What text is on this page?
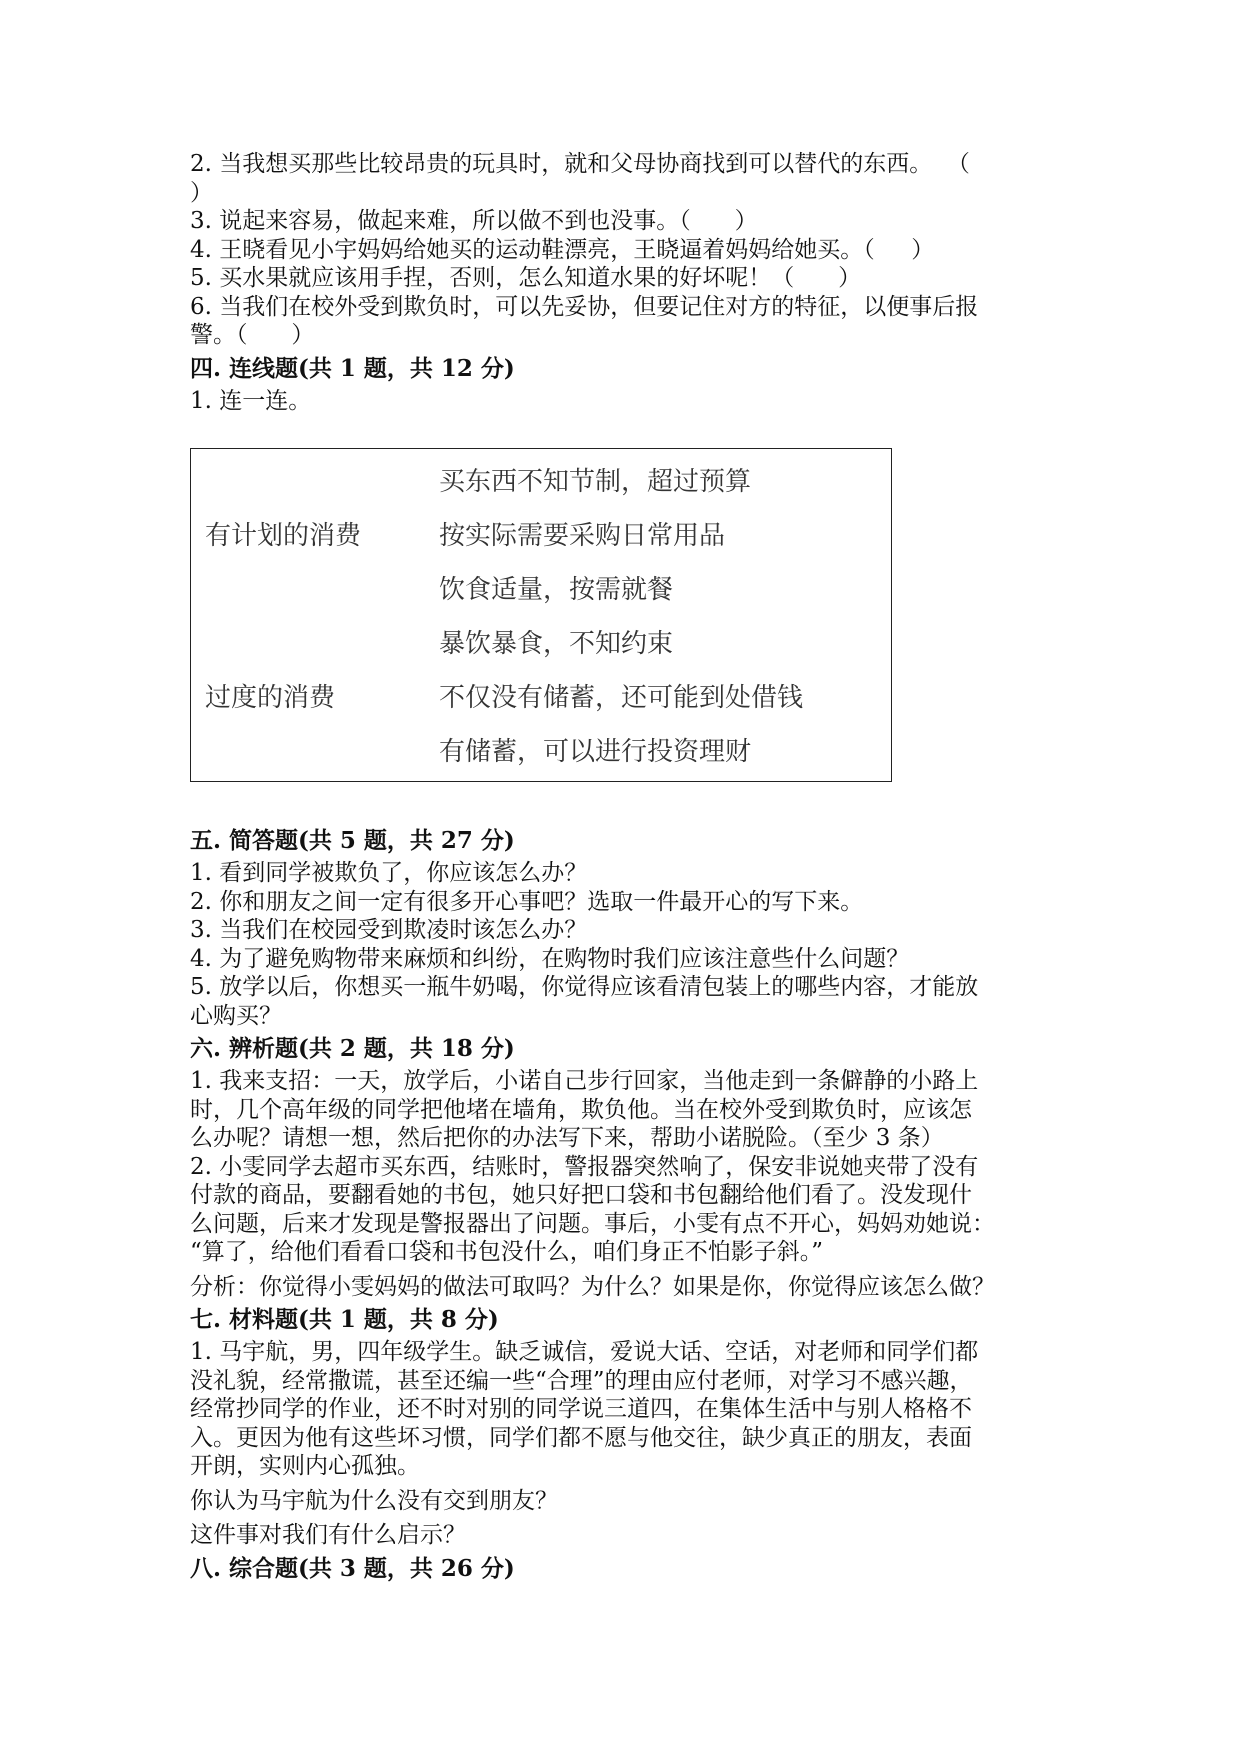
2. 当我想买那些比较昂贵的玩具时，就和父母协商找到可以替代的东西。  （
）
3. 说起来容易，做起来难，所以做不到也没事。（      ）
4. 王晓看见小宇妈妈给她买的运动鞋漂亮，王晓逼着妈妈给她买。（     ）
5. 买水果就应该用手捏，否则，怎么知道水果的好坏呢！（      ）
6. 当我们在校外受到欺负时，可以先妥协，但要记住对方的特征，以便事后报
警。（      ）
四. 连线题(共 1 题，共 12 分)
1. 连一连。
有计划的消费
过度的消费
买东西不知节制，超过预算
按实际需要采购日常用品
饮食适量，按需就餐
暴饮暴食，不知约束
不仅没有储蓄，还可能到处借钱
有储蓄，可以进行投资理财
五. 简答题(共 5 题，共 27 分)
1. 看到同学被欺负了，你应该怎么办？
2. 你和朋友之间一定有很多开心事吧？选取一件最开心的写下来。
3. 当我们在校园受到欺凌时该怎么办？
4. 为了避免购物带来麻烦和纠纷，在购物时我们应该注意些什么问题？
5. 放学以后，你想买一瓶牛奶喝，你觉得应该看清包装上的哪些内容，才能放
心购买？
六. 辨析题(共 2 题，共 18 分)
1. 我来支招：一天，放学后，小诺自己步行回家，当他走到一条僻静的小路上
时，几个高年级的同学把他堵在墙角，欺负他。当在校外受到欺负时，应该怎
么办呢？请想一想，然后把你的办法写下来，帮助小诺脱险。（至少 3 条）
2. 小雯同学去超市买东西，结账时，警报器突然响了，保安非说她夹带了没有
付款的商品，要翻看她的书包，她只好把口袋和书包翻给他们看了。没发现什
么问题，后来才发现是警报器出了问题。事后，小雯有点不开心，妈妈劝她说：
“算了，给他们看看口袋和书包没什么，咱们身正不怕影子斜。”
分析：你觉得小雯妈妈的做法可取吗？为什么？如果是你，你觉得应该怎么做？
七. 材料题(共 1 题，共 8 分)
1. 马宇航，男，四年级学生。缺乏诚信，爱说大话、空话，对老师和同学们都
没礼貌，经常撒谎，甚至还编一些“合理”的理由应付老师，对学习不感兴趣，
经常抄同学的作业，还不时对别的同学说三道四，在集体生活中与别人格格不
入。更因为他有这些坏习惯，同学们都不愿与他交往，缺少真正的朋友，表面
开朗，实则内心孤独。
你认为马宇航为什么没有交到朋友？
这件事对我们有什么启示？
八. 综合题(共 3 题，共 26 分)
